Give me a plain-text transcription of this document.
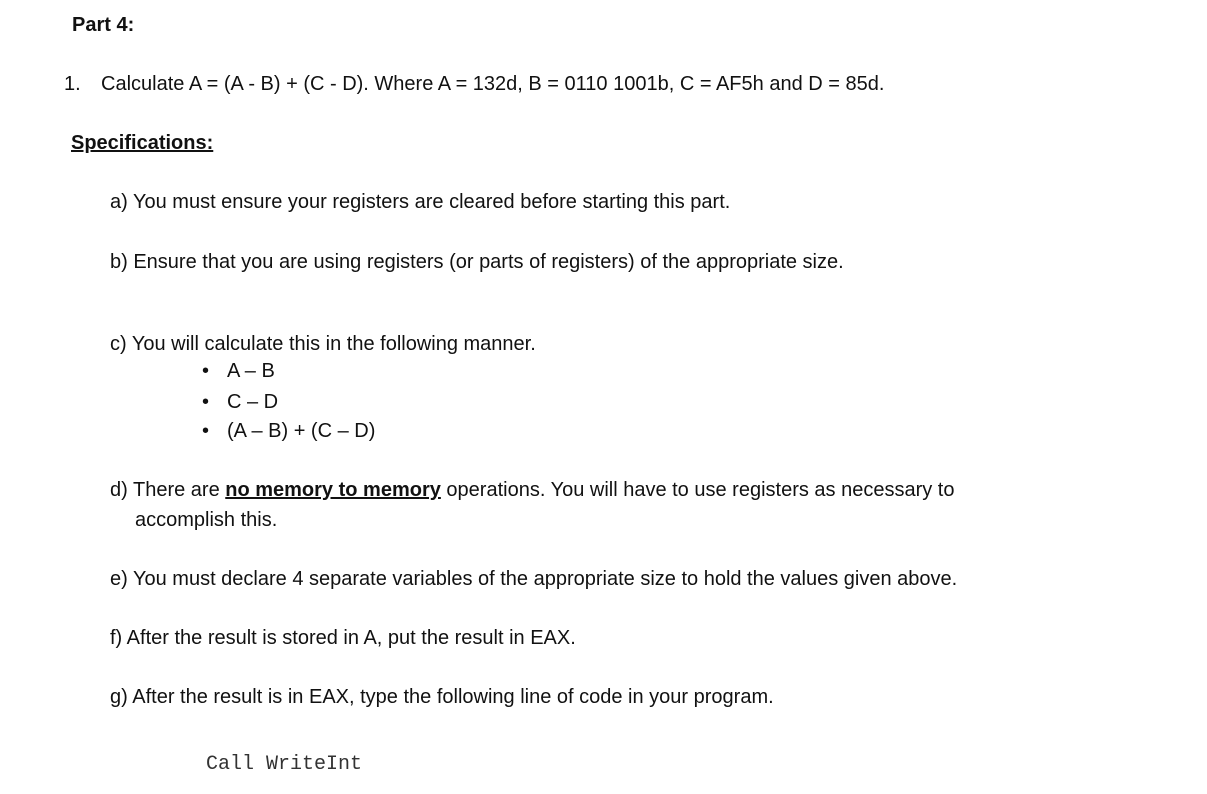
Part 4:
1. Calculate A = (A - B) + (C - D). Where A = 132d, B = 0110 1001b, C = AF5h and D = 85d.
Specifications:
a) You must ensure your registers are cleared before starting this part.
b) Ensure that you are using registers (or parts of registers) of the appropriate size.
c) You will calculate this in the following manner.
• A – B
• C – D
• (A – B) + (C – D)
d) There are no memory to memory operations. You will have to use registers as necessary to
accomplish this.
e) You must declare 4 separate variables of the appropriate size to hold the values given above.
f) After the result is stored in A, put the result in EAX.
g) After the result is in EAX, type the following line of code in your program.
Call WriteInt
